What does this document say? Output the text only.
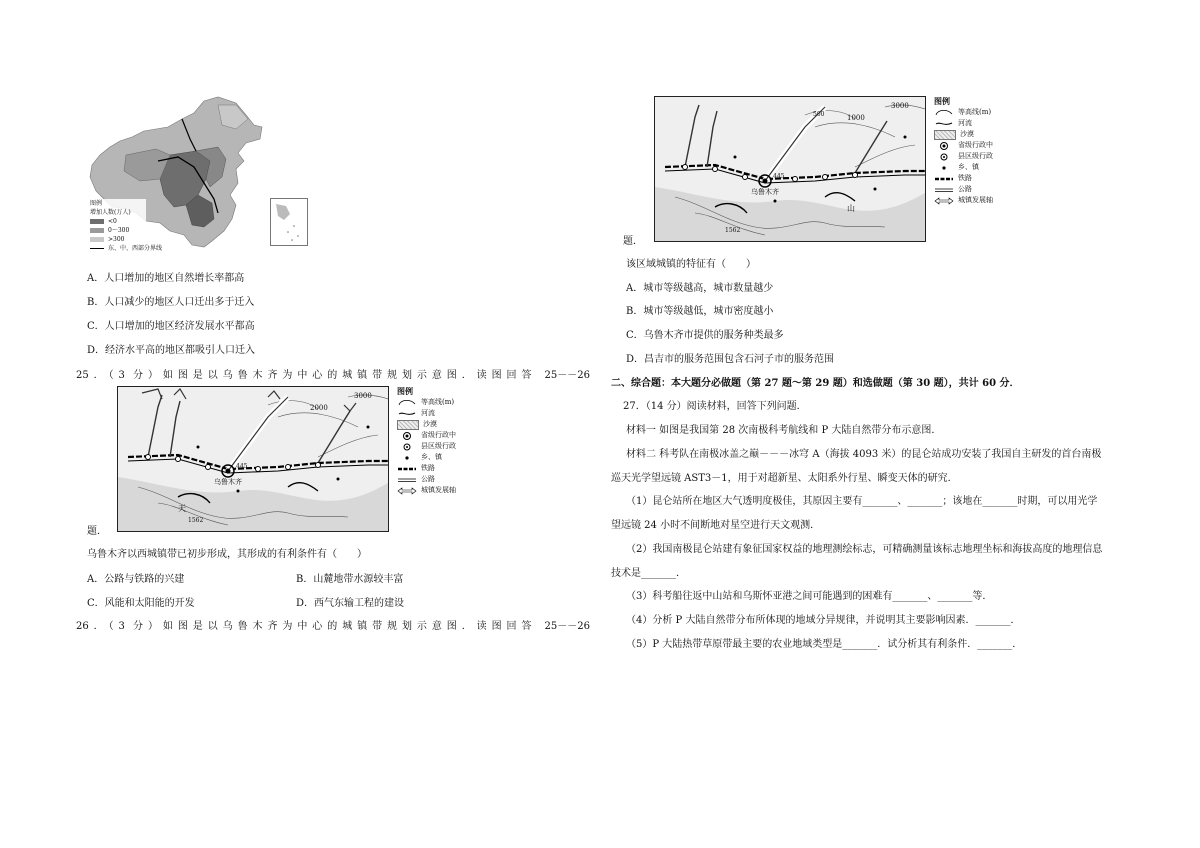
图例
增加人数(万人)
<0
0～300
>300
东、中、西部分界线
A．人口增加的地区自然增长率都高
B．人口减少的地区人口迁出多于迁入
C．人口增加的地区经济发展水平都高
D．经济水平高的地区都吸引人口迁入
25．（3 分）如图是以乌鲁木齐为中心的城镇带规划示意图．读图回答 25－－26
2000
3000
乌鲁木齐
445
天
1562
图例
等高线(m)
河流
沙漠
省级行政中
县区级行政
乡、镇
铁路
公路
城镇发展轴
题．
乌鲁木齐以西城镇带已初步形成，其形成的有利条件有（　　）
A．公路与铁路的兴建	B．山麓地带水源较丰富
C．风能和太阳能的开发	D．西气东输工程的建设
26．（3 分）如图是以乌鲁木齐为中心的城镇带规划示意图．读图回答 25－－26
500	1000
3000
乌鲁木齐
445
山
1562
图例
等高线(m)
河流
沙漠
省级行政中
县区级行政
乡、镇
铁路
公路
城镇发展轴
题．
该区域城镇的特征有（　　）
A．城市等级越高，城市数量越少
B．城市等级越低，城市密度越小
C．乌鲁木齐市提供的服务种类最多
D．昌吉市的服务范围包含石河子市的服务范围
二、综合题：本大题分必做题（第 27 题～第 29 题）和选做题（第 30 题），共计 60 分．
27．（14 分）阅读材料，回答下列问题．
材料一 如图是我国第 28 次南极科考航线和 P 大陆自然带分布示意图．
材料二 科考队在南极冰盖之巅－－－冰穹 A（海拔 4093 米）的昆仑站成功安装了我国自主研发的首台南极
巡天光学望远镜 AST3－1，用于对超新星、太阳系外行星、瞬变天体的研究．
（1）昆仑站所在地区大气透明度极佳，其原因主要有_______、_______；该地在_______时期，可以用光学
望远镜 24 小时不间断地对星空进行天文观测．
（2）我国南极昆仑站建有象征国家权益的地理测绘标志，可精确测量该标志地理坐标和海拔高度的地理信息
技术是_______．
（3）科考船往返中山站和乌斯怀亚港之间可能遇到的困难有_______、_______等．
（4）分析 P 大陆自然带分布所体现的地域分异规律，并说明其主要影响因素．_______．
（5）P 大陆热带草原带最主要的农业地域类型是_______．试分析其有利条件．_______．
